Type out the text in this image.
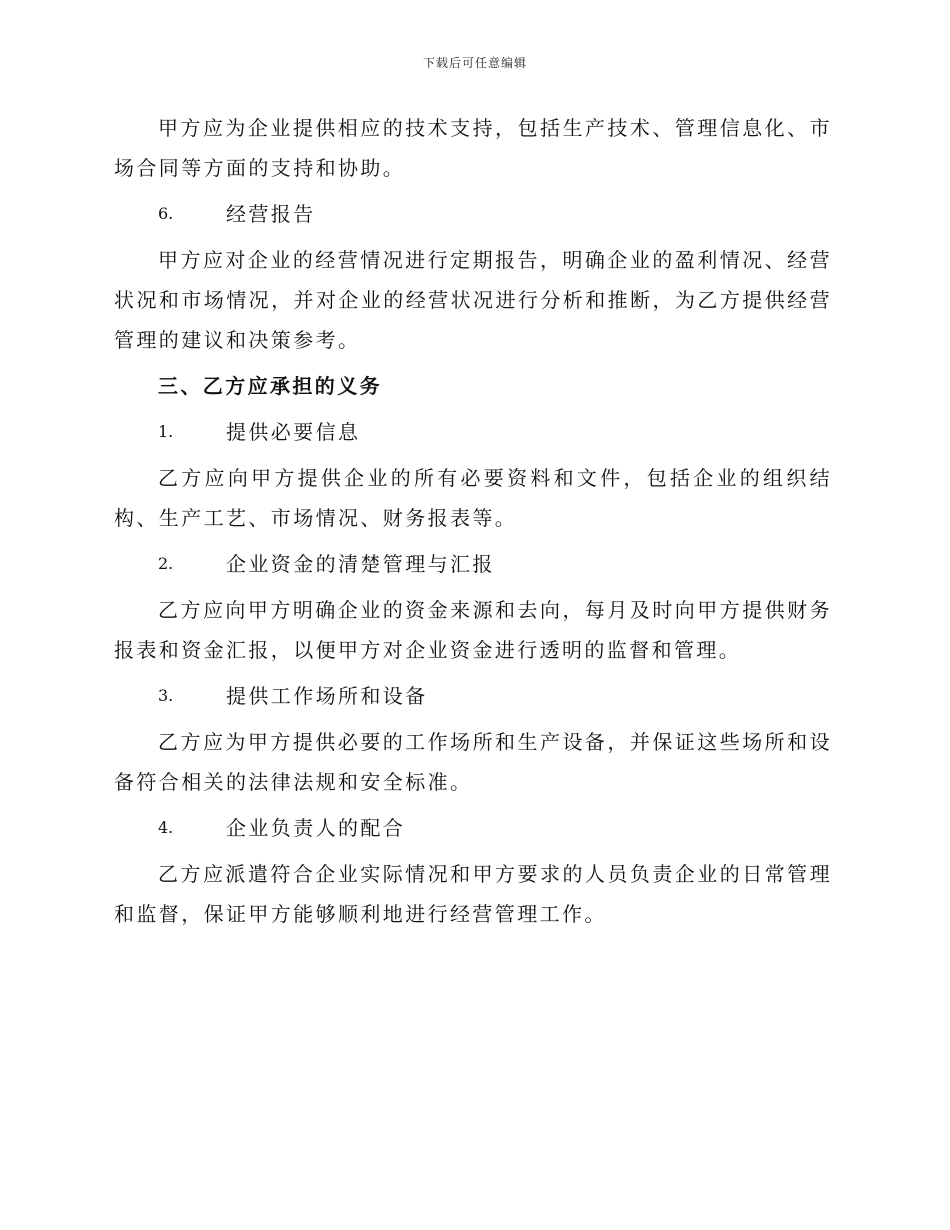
下载后可任意编辑

甲方应为企业提供相应的技术支持，包括生产技术、管理信息化、市场合同等方面的支持和协助。

6.	经营报告

甲方应对企业的经营情况进行定期报告，明确企业的盈利情况、经营状况和市场情况，并对企业的经营状况进行分析和推断，为乙方提供经营管理的建议和决策参考。

三、乙方应承担的义务
1.	提供必要信息

乙方应向甲方提供企业的所有必要资料和文件，包括企业的组织结构、生产工艺、市场情况、财务报表等。

2.	企业资金的清楚管理与汇报

乙方应向甲方明确企业的资金来源和去向，每月及时向甲方提供财务报表和资金汇报，以便甲方对企业资金进行透明的监督和管理。

3.	提供工作场所和设备

乙方应为甲方提供必要的工作场所和生产设备，并保证这些场所和设备符合相关的法律法规和安全标准。

4.	企业负责人的配合

乙方应派遣符合企业实际情况和甲方要求的人员负责企业的日常管理和监督，保证甲方能够顺利地进行经营管理工作。
